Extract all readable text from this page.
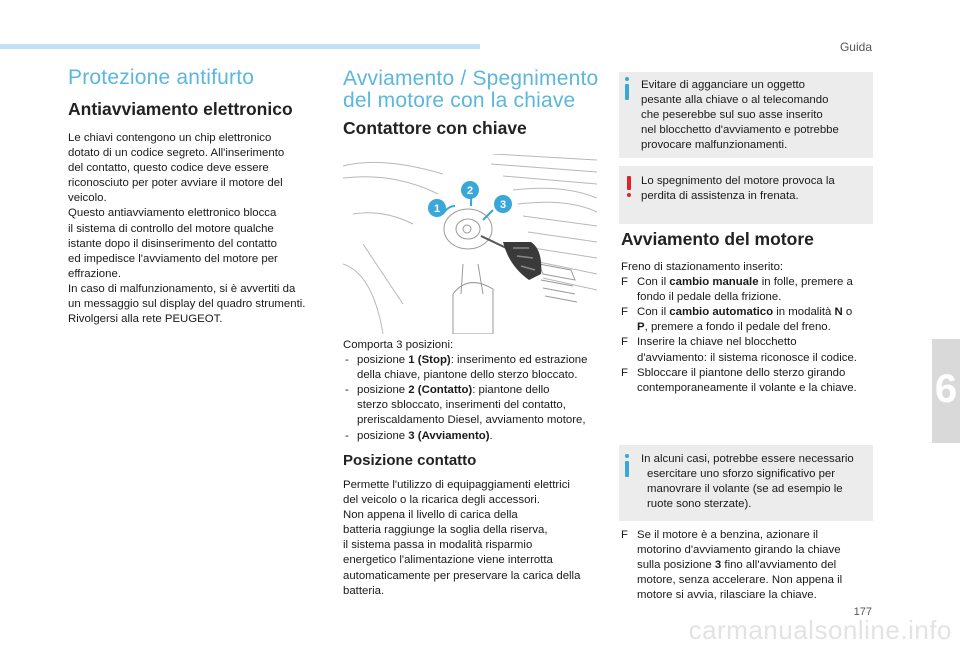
Guida
6
177
Protezione antifurto
Antiavviamento elettronico

Le chiavi contengono un chip elettronico

dotato di un codice segreto. All'inserimento

del contatto, questo codice deve essere

riconosciuto per poter avviare il motore del

veicolo.

Questo antiavviamento elettronico blocca

il sistema di controllo del motore qualche

istante dopo il disinserimento del contatto

ed impedisce l'avviamento del motore per

effrazione.

In caso di malfunzionamento, si è avvertiti da

un messaggio sul display del quadro strumenti.

Rivolgersi alla rete PEUGEOT.

Avviamento / Spegnimento
del motore con la chiave
Contattore con chiave
1
2
3

Comporta 3 posizioni:

- posizione 1 (Stop): inserimento ed estrazione
della chiave, piantone dello sterzo bloccato.
- posizione 2 (Contatto): piantone dello
sterzo sbloccato, inserimenti del contatto,
preriscaldamento Diesel, avviamento motore,
- posizione 3 (Avviamento).
Posizione contatto

Permette l'utilizzo di equipaggiamenti elettrici

del veicolo o la ricarica degli accessori.

Non appena il livello di carica della

batteria raggiunge la soglia della riserva,

il sistema passa in modalità risparmio

energetico l'alimentazione viene interrotta

automaticamente per preservare la carica della

batteria.

Evitare di agganciare un oggetto
pesante alla chiave o al telecomando
che peserebbe sul suo asse inserito
nel blocchetto d'avviamento e potrebbe
provocare malfunzionamenti.
Lo spegnimento del motore provoca la
perdita di assistenza in frenata.
Avviamento del motore

Freno di stazionamento inserito:

F Con il cambio manuale in folle, premere a
fondo il pedale della frizione.
F Con il cambio automatico in modalità N o
P, premere a fondo il pedale del freno.
F Inserire la chiave nel blocchetto
d'avviamento: il sistema riconosce il codice.
F Sbloccare il piantone dello sterzo girando
contemporaneamente il volante e la chiave.
In alcuni casi, potrebbe essere necessario
esercitare uno sforzo significativo per
manovrare il volante (se ad esempio le
ruote sono sterzate).
F Se il motore è a benzina, azionare il
motorino d'avviamento girando la chiave
sulla posizione 3 fino all'avviamento del
motore, senza accelerare. Non appena il
motore si avvia, rilasciare la chiave.
carmanualsonline.info
